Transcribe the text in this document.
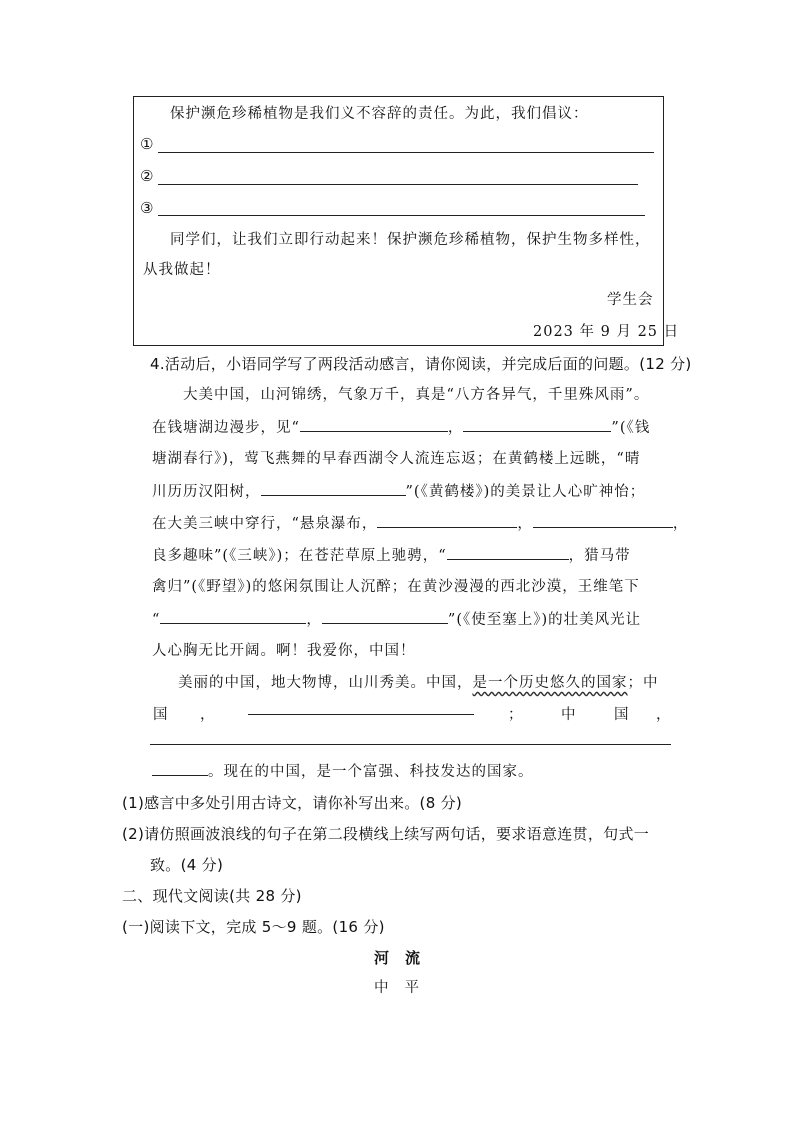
保护濒危珍稀植物是我们义不容辞的责任。为此，我们倡议：
①
②
③
同学们，让我们立即行动起来！保护濒危珍稀植物，保护生物多样性，
从我做起！
学生会
2023 年 9 月 25 日
4.活动后，小语同学写了两段活动感言，请你阅读，并完成后面的问题。(12 分)
大美中国，山河锦绣，气象万千，真是“八方各异气，千里殊风雨”。
在钱塘湖边漫步，见“	，	”(《钱
塘湖春行》)，莺飞燕舞的早春西湖令人流连忘返；在黄鹤楼上远眺，“晴
川历历汉阳树，	”(《黄鹤楼》)的美景让人心旷神怡；
在大美三峡中穿行，“悬泉瀑布，	，	，
良多趣味”(《三峡》)；在苍茫草原上驰骋，“	，猎马带
禽归”(《野望》)的悠闲氛围让人沉醉；在黄沙漫漫的西北沙漠，王维笔下
“	，	”(《使至塞上》)的壮美风光让
人心胸无比开阔。啊！我爱你，中国！
美丽的中国，地大物博，山川秀美。中国，是一个历史悠久的国家；中
国 ，	；	中	国 ，
。现在的中国，是一个富强、科技发达的国家。
(1)感言中多处引用古诗文，请你补写出来。(8 分)
(2)请仿照画波浪线的句子在第二段横线上续写两句话，要求语意连贯，句式一
致。(4 分)
二、现代文阅读(共 28 分)
(一)阅读下文，完成 5～9 题。(16 分)
河流
中平
